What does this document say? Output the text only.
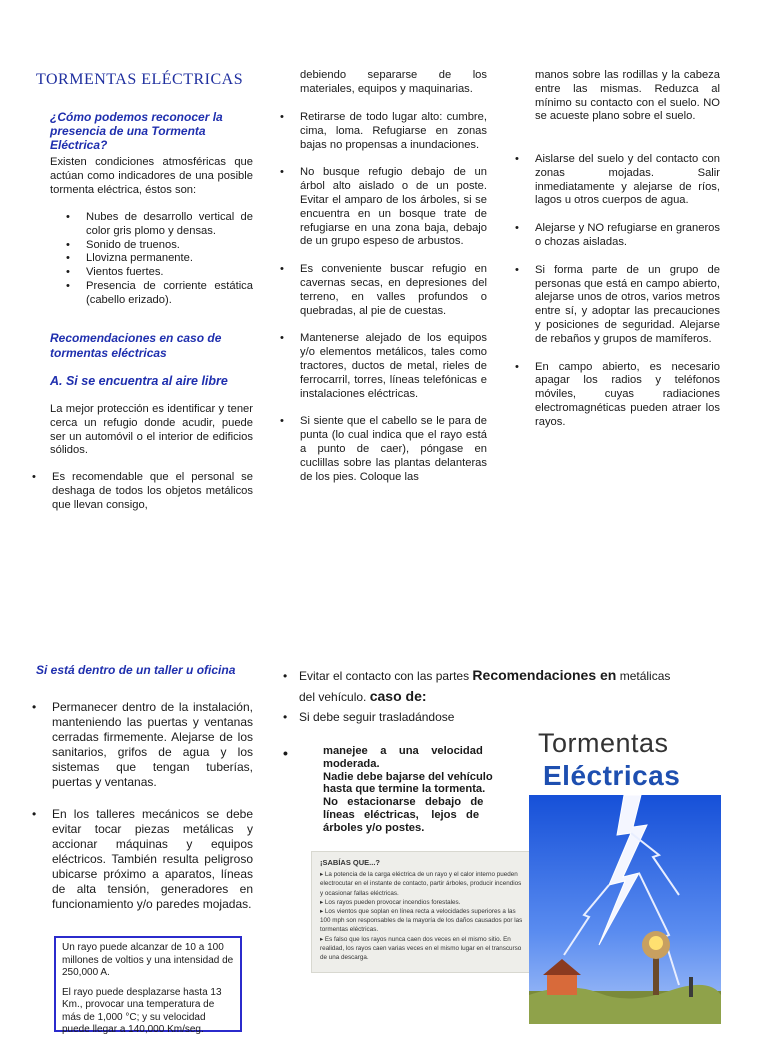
TORMENTAS ELÉCTRICAS
¿Cómo podemos reconocer la presencia de una Tormenta Eléctrica?
Existen condiciones atmosféricas que actúan como indicadores de una posible tormenta eléctrica, éstos son:
• Nubes de desarrollo vertical de color gris plomo y densas.
• Sonido de truenos.
• Llovizna permanente.
• Vientos fuertes.
• Presencia de corriente estática (cabello erizado).
Recomendaciones en caso de tormentas eléctricas
A. Si se encuentra al aire libre
La mejor protección es identificar y tener cerca un refugio donde acudir, puede ser un automóvil o el interior de edificios sólidos.
• Es recomendable que el personal se deshaga de todos los objetos metálicos que llevan consigo,
debiendo separarse de los materiales, equipos y maquinarias.
• Retirarse de todo lugar alto: cumbre, cima, loma. Refugiarse en zonas bajas no propensas a inundaciones.
• No busque refugio debajo de un árbol alto aislado o de un poste. Evitar el amparo de los árboles, si se encuentra en un bosque trate de refugiarse en una zona baja, debajo de un grupo espeso de arbustos.
• Es conveniente buscar refugio en cavernas secas, en depresiones del terreno, en valles profundos o quebradas, al pie de cuestas.
• Mantenerse alejado de los equipos y/o elementos metálicos, tales como tractores, ductos de metal, rieles de ferrocarril, torres, líneas telefónicas e instalaciones eléctricas.
• Si siente que el cabello se le para de punta (lo cual indica que el rayo está a punto de caer), póngase en cuclillas sobre las plantas delanteras de los pies. Coloque las
manos sobre las rodillas y la cabeza entre las mismas. Reduzca al mínimo su contacto con el suelo. NO se acueste plano sobre el suelo.
• Aislarse del suelo y del contacto con zonas mojadas. Salir inmediatamente y alejarse de ríos, lagos u otros cuerpos de agua.
• Alejarse y NO refugiarse en graneros o chozas aisladas.
• Si forma parte de un grupo de personas que está en campo abierto, alejarse unos de otros, varios metros entre sí, y adoptar las precauciones y posiciones de seguridad. Alejarse de rebaños y grupos de mamíferos.
• En campo abierto, es necesario apagar los radios y teléfonos móviles, cuyas radiaciones electromagnéticas pueden atraer los rayos.
Si está dentro de un taller u oficina
• Permanecer dentro de la instalación, manteniendo las puertas y ventanas cerradas firmemente. Alejarse de los sanitarios, grifos de agua y los sistemas que tengan tuberías, puertas y ventanas.
• En los talleres mecánicos se debe evitar tocar piezas metálicas y accionar máquinas y equipos eléctricos. También resulta peligroso ubicarse próximo a aparatos, líneas de alta tensión, generadores en funcionamiento y/o paredes mojadas.
Un rayo puede alcanzar de 10 a 100 millones de voltios y una intensidad de 250,000 A.
El rayo puede desplazarse hasta 13 Km., provocar una temperatura de más de 1,000 °C; y su velocidad puede llegar a 140,000 Km/seg.
• Evitar el contacto con las partes Recomendaciones en metálicas
del vehículo. caso de:
• Si debe seguir trasladándose
•	manejee    a    una    velocidad
moderada.
Nadie debe bajarse del vehículo
hasta que termine la tormenta.
No   estacionarse   debajo   de
líneas   eléctricas,    lejos   de
árboles y/o postes.
¡SABÍAS QUE...?
▸ La potencia de la carga eléctrica de un rayo y el calor interno pueden electrocutar en el instante de contacto, partir árboles, producir incendios y ocasionar fallas eléctricas.
▸ Los rayos pueden provocar incendios forestales.
▸ Los vientos que soplan en línea recta a velocidades superiores a las 100 mph son responsables de la mayoría de los daños causados por las tormentas eléctricas.
▸ Es falso que los rayos nunca caen dos veces en el mismo sitio. En realidad, los rayos caen varias veces en el mismo lugar en el transcurso de una descarga.
Tormentas
Eléctricas
